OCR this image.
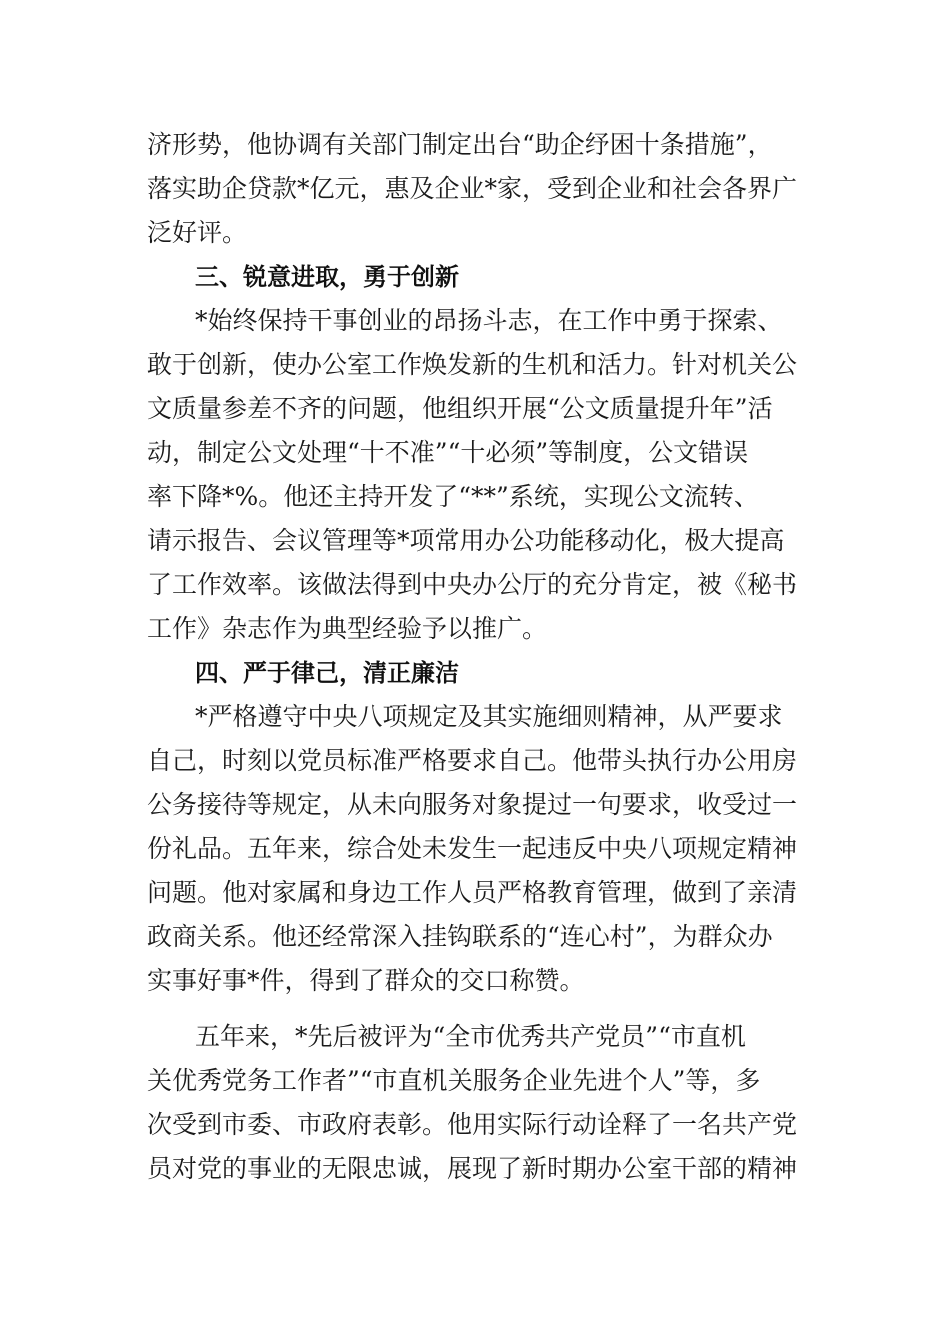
济形势，他协调有关部门制定出台“助企纾困十条措施”，
落实助企贷款*亿元，惠及企业*家，受到企业和社会各界广
泛好评。
三、锐意进取，勇于创新
*始终保持干事创业的昂扬斗志，在工作中勇于探索、
敢于创新，使办公室工作焕发新的生机和活力。针对机关公
文质量参差不齐的问题，他组织开展“公文质量提升年”活
动，制定公文处理“十不准”“十必须”等制度，公文错误
率下降*%。他还主持开发了“**”系统，实现公文流转、
请示报告、会议管理等*项常用办公功能移动化，极大提高
了工作效率。该做法得到中央办公厅的充分肯定，被《秘书
工作》杂志作为典型经验予以推广。
四、严于律己，清正廉洁
*严格遵守中央八项规定及其实施细则精神，从严要求
自己，时刻以党员标准严格要求自己。他带头执行办公用房
公务接待等规定，从未向服务对象提过一句要求，收受过一
份礼品。五年来，综合处未发生一起违反中央八项规定精神
问题。他对家属和身边工作人员严格教育管理，做到了亲清
政商关系。他还经常深入挂钩联系的“连心村”，为群众办
实事好事*件，得到了群众的交口称赞。
五年来，*先后被评为“全市优秀共产党员”“市直机
关优秀党务工作者”“市直机关服务企业先进个人”等，多
次受到市委、市政府表彰。他用实际行动诠释了一名共产党
员对党的事业的无限忠诚，展现了新时期办公室干部的精神
